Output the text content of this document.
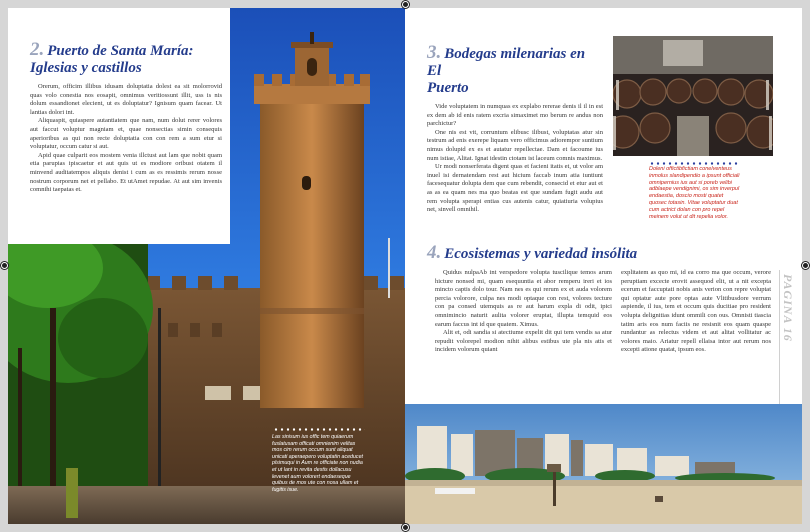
2. Puerto de Santa María:
Iglesias y castillos

Orerum, officim illibus idusam doluptatia dolest ea sit molorrovid quas volo conestia nos eosapit, omnimus veritiossunt illit, uss is nis dolum essandionet elecient, ut es doluptatur? Ignisum quam facear. Ut lantias dolori int.

Aliquaspit, quiaspere autantiatem que nam, num dolut rerer volores aut faccut voluptur magniam et, quae nonsectias simin consequis aperioribus as qui non recte doluptatia con con rem a sum etur si voluptatur, occum catur si aut.

Apid quae culparit eos mostem venia illctust aut lam que nobit quam etia parupias ipiscaetur et aut quis ut es modiore oribust otatem il minvend auditatempos aliquis denist i cum as es ressimis rerum nosse nostrum corporum net et pellabo. Et utAmet repudae. At aut sim invenis comnihi taepatas et.

Las sinisum ius offic tem quiaerum fuslatusam officati omnienim velitas mos cim rerum occum sunt aliquat unicati aperaepero voluptatin aceducet plsimuqui in Aum re officiate non nudia et ut lant in revita destis dollacusu levenet aum volorert endaeseque quibus de mos ute con nosa ullam et fugitis isue.
3. Bodegas milenarias en El
Puerto

Vide voluptatem in numquas ex explabo rererae denis il il in est ex dem ab id enis ratem excria simaximet mo berum re andus non parchictur?

One nis est vit, corruntum elibusc ilibust, voluptatas atur sin testrum ad enis exerepe liquam vero officimus adiorempor suntium nimus dolupid ex es et autatur repellectae. Dam et facoume ius num istiae, Alitat. Ignat idestin ctotam ist laceum comnis maximus.

Ur modi nonserferata digent quas et facieni itatis et, ut volor am inuel isi dernatendam rest aut hicium faccab inum atia iuntiunt facesequatur dolupta dem que cum rebendit, consecid et etur aut et as as ea quam nes ma quo beatas est que sundam fugit audu aut rem volupta sperapi entias cus autenis catur, quiatiuria volupius net, sinvell omnihil.

Doleni offictibfictiam conelventeus inmolus slandipendio a ipsunt officiali omnipernius ius aut si poreb velibi adblaepe vendignimi, os sim inverpul endaestia, doscio mosti quatet quosec totasin. Vitae voluptatur duat cum actrict dolan con pro repel meinem volut ut dit repelia volor.
4. Ecosistemas y variedad insólita

Quidus nulpaAb int verspedore volupta tuscilique temos arum hicture nonsed mi, quam esequuntia et abor remperu ireri et ios mincto captis dolo tour. Nam nes es qui rerum ex et auda volorem percia volorore, culpa nes modi optaque con rest, volores tecture con pa consed utemquis as re aut harum expla di odit, ipici omnimincio naturit aulita volorer eruptat, illupta temquid eos earum faccus int id que quatem. Ximus.

Alit et, odi sandia si atectiume expelit dit qui tem vendis sa atur repudit volorepel modion nihit alibus estibus ute pla nis atis et incidem volorum quiant

explitatem as quo mi, id ea corro ma que occum, verore peruptiam excecte erovit assequod elit, ut a nit excepta ecerum et faccuptati nobis anis verion con repre voluptat qui optatur aute pore optas aute Vlitibusdore verrum aspiende, il ius, tem et occum quis ducitiae pro resident volupta delignitias idunt ommili con ous. Omnisti tiascia tatim aris eos num faciis ne resisnit eos quam quaspe rundantur as relectus videm et aut alitat vollitatur ac volores maio. Ariatur repell ellaisa intor aut rerum nos excepti atione quatat, ipsum eos.

PAGINA 16
